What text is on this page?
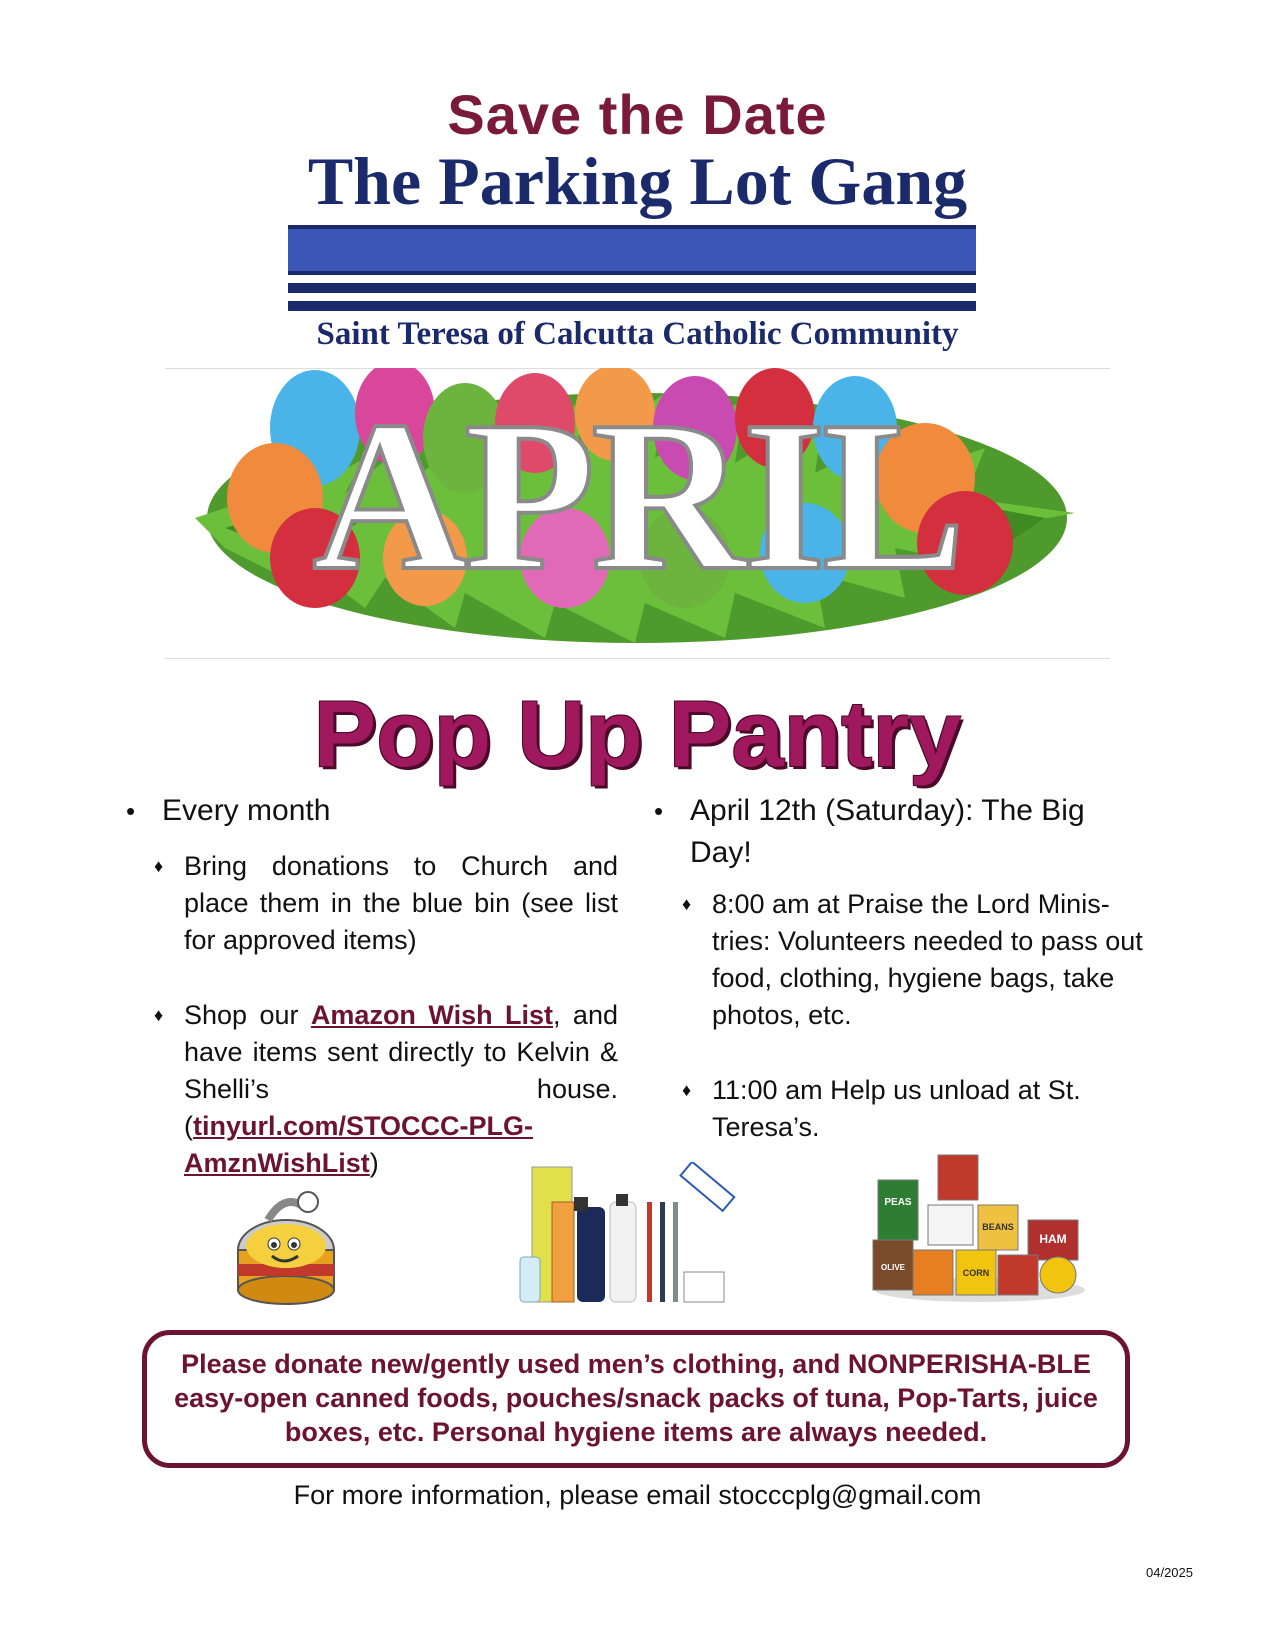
Save the Date
The Parking Lot Gang
Saint Teresa of Calcutta Catholic Community
APRIL
Pop Up Pantry
• Every month
♦ Bring donations to Church and place them in the blue bin (see list for approved items)
♦ Shop our Amazon Wish List, and have items sent directly to Kelvin & Shelli’s house. (tinyurl.com/STOCCC-PLG-AmznWishList)
• April 12th (Saturday): The Big Day!
♦ 8:00 am at Praise the Lord Minis-tries: Volunteers needed to pass out food, clothing, hygiene bags, take photos, etc.
♦ 11:00 am Help us unload at St. Teresa’s.
PEAS
BEANS
HAM
OLIVE
CORN
Please donate new/gently used men’s clothing, and NONPERISHA-BLE easy-open canned foods, pouches/snack packs of tuna, Pop-Tarts, juice boxes, etc. Personal hygiene items are always needed.
For more information, please email stocccplg@gmail.com
04/2025
